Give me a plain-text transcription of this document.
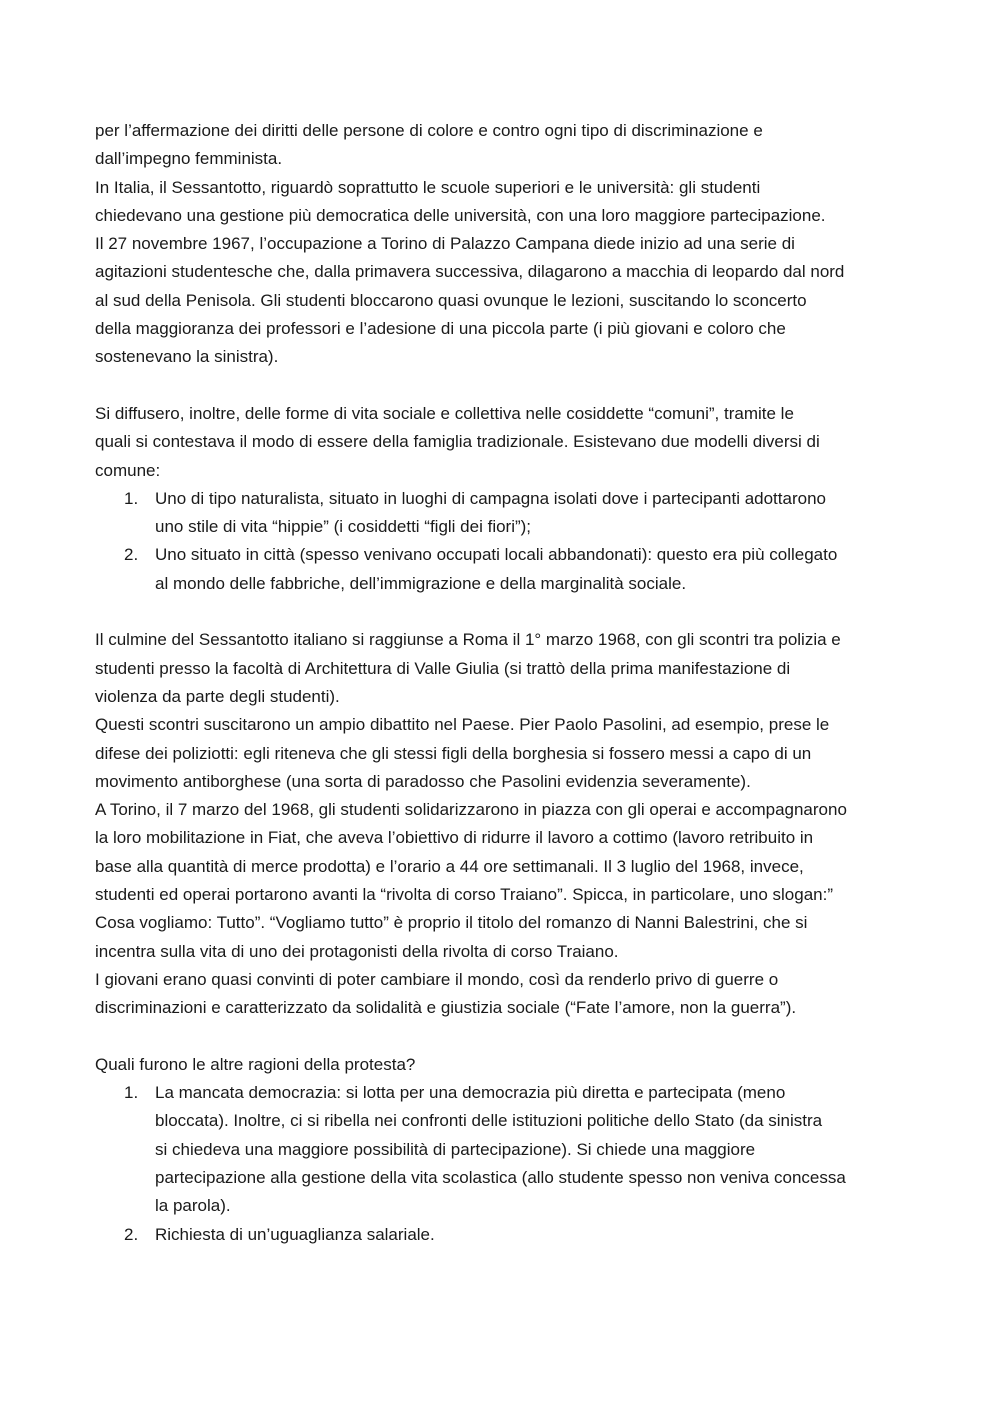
per l’affermazione dei diritti delle persone di colore e contro ogni tipo di discriminazione e
dall’impegno femminista.
In Italia, il Sessantotto, riguardò soprattutto le scuole superiori e le università: gli studenti
chiedevano una gestione più democratica delle università, con una loro maggiore partecipazione.
Il 27 novembre 1967, l’occupazione a Torino di Palazzo Campana diede inizio ad una serie di
agitazioni studentesche che, dalla primavera successiva, dilagarono a macchia di leopardo dal nord
al sud della Penisola. Gli studenti bloccarono quasi ovunque le lezioni, suscitando lo sconcerto
della maggioranza dei professori e l’adesione di una piccola parte (i più giovani e coloro che
sostenevano la sinistra).
Si diffusero, inoltre, delle forme di vita sociale e collettiva nelle cosiddette “comuni”, tramite le
quali si contestava il modo di essere della famiglia tradizionale. Esistevano due modelli diversi di
comune:
1. Uno di tipo naturalista, situato in luoghi di campagna isolati dove i partecipanti adottarono
uno stile di vita “hippie” (i cosiddetti “figli dei fiori”);
2. Uno situato in città (spesso venivano occupati locali abbandonati): questo era più collegato
al mondo delle fabbriche, dell’immigrazione e della marginalità sociale.
Il culmine del Sessantotto italiano si raggiunse a Roma il 1° marzo 1968, con gli scontri tra polizia e
studenti presso la facoltà di Architettura di Valle Giulia (si trattò della prima manifestazione di
violenza da parte degli studenti).
Questi scontri suscitarono un ampio dibattito nel Paese. Pier Paolo Pasolini, ad esempio, prese le
difese dei poliziotti: egli riteneva che gli stessi figli della borghesia si fossero messi a capo di un
movimento antiborghese (una sorta di paradosso che Pasolini evidenzia severamente).
A Torino, il 7 marzo del 1968, gli studenti solidarizzarono in piazza con gli operai e accompagnarono
la loro mobilitazione in Fiat, che aveva l’obiettivo di ridurre il lavoro a cottimo (lavoro retribuito in
base alla quantità di merce prodotta) e l’orario a 44 ore settimanali. Il 3 luglio del 1968, invece,
studenti ed operai portarono avanti la “rivolta di corso Traiano”. Spicca, in particolare, uno slogan:”
Cosa vogliamo: Tutto”. “Vogliamo tutto” è proprio il titolo del romanzo di Nanni Balestrini, che si
incentra sulla vita di uno dei protagonisti della rivolta di corso Traiano.
I giovani erano quasi convinti di poter cambiare il mondo, così da renderlo privo di guerre o
discriminazioni e caratterizzato da solidalità e giustizia sociale (“Fate l’amore, non la guerra”).
Quali furono le altre ragioni della protesta?
1. La mancata democrazia: si lotta per una democrazia più diretta e partecipata (meno
bloccata). Inoltre, ci si ribella nei confronti delle istituzioni politiche dello Stato (da sinistra
si chiedeva una maggiore possibilità di partecipazione). Si chiede una maggiore
partecipazione alla gestione della vita scolastica (allo studente spesso non veniva concessa
la parola).
2. Richiesta di un’uguaglianza salariale.
